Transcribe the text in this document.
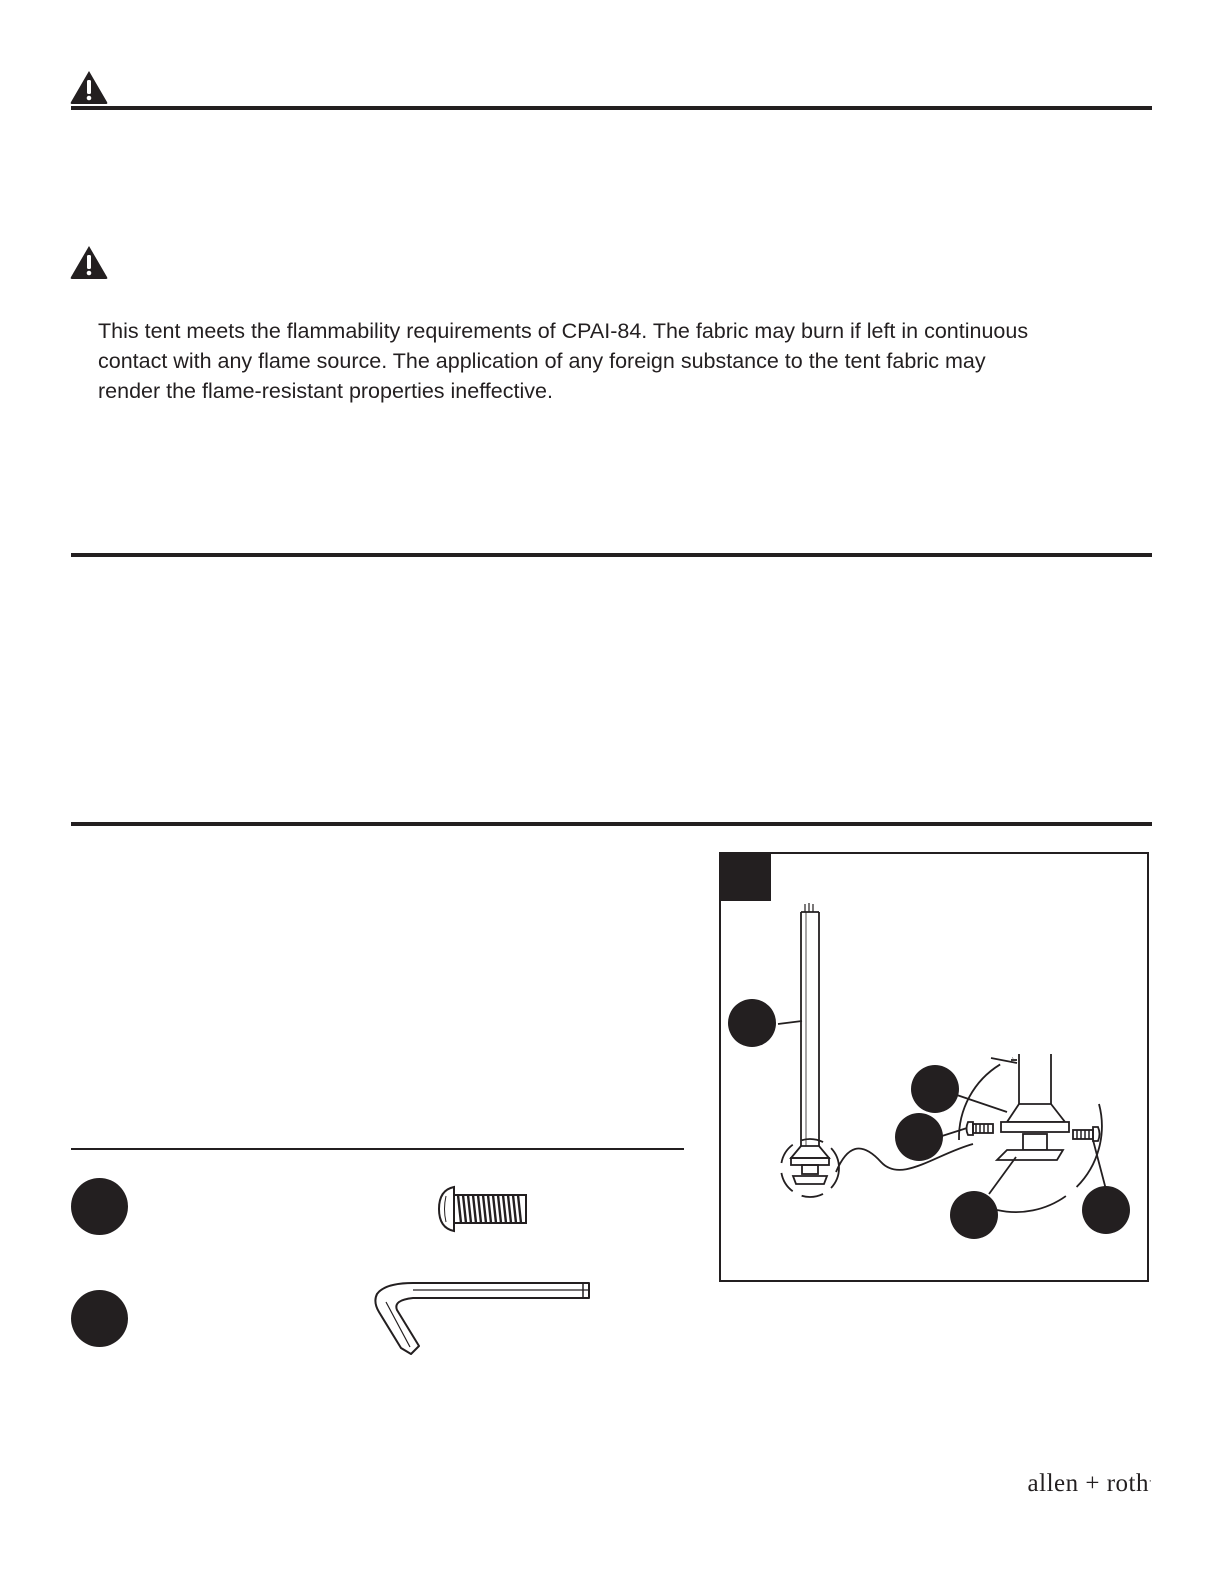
This tent meets the flammability requirements of CPAI-84. The fabric may burn if left in continuous
contact with any flame source. The application of any foreign substance to the tent fabric may
render the flame-resistant properties ineffective.

allen + roth.
